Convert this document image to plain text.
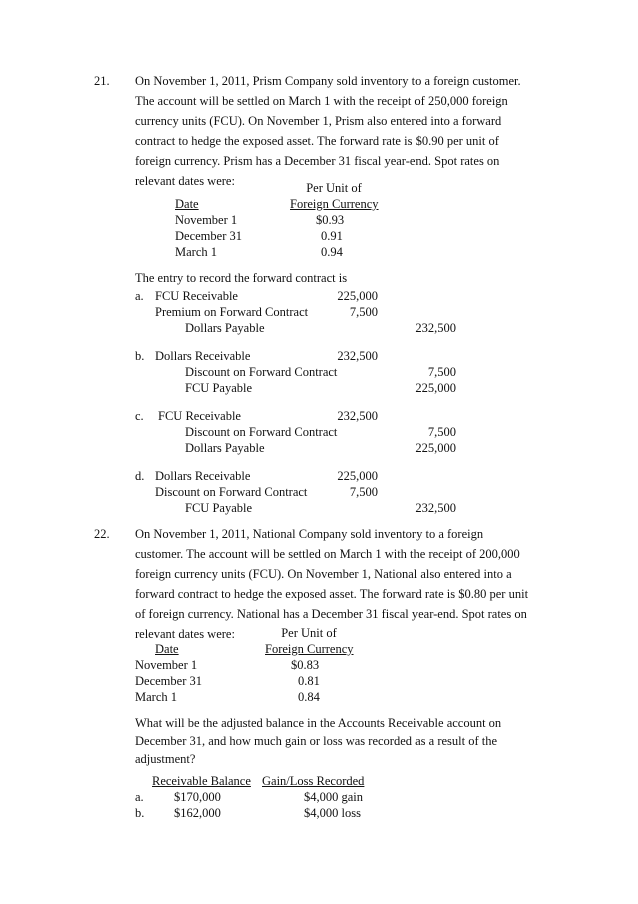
21. On November 1, 2011, Prism Company sold inventory to a foreign customer.
The account will be settled on March 1 with the receipt of 250,000 foreign
currency units (FCU). On November 1, Prism also entered into a forward
contract to hedge the exposed asset. The forward rate is $0.90 per unit of
foreign currency. Prism has a December 31 fiscal year-end. Spot rates on
relevant dates were:	Per Unit of
Date	Foreign Currency
November 1	$0.93
December 31	0.91
March 1	0.94
The entry to record the forward contract is
a. FCU Receivable	225,000
Premium on Forward Contract	7,500
Dollars Payable	232,500
b. Dollars Receivable	232,500
Discount on Forward Contract	7,500
FCU Payable	225,000
c. FCU Receivable	232,500
Discount on Forward Contract	7,500
Dollars Payable	225,000
d. Dollars Receivable	225,000
Discount on Forward Contract	7,500
FCU Payable	232,500
22. On November 1, 2011, National Company sold inventory to a foreign
customer. The account will be settled on March 1 with the receipt of 200,000
foreign currency units (FCU). On November 1, National also entered into a
forward contract to hedge the exposed asset. The forward rate is $0.80 per unit
of foreign currency. National has a December 31 fiscal year-end. Spot rates on
relevant dates were:	Per Unit of
Date	Foreign Currency
November 1	$0.83
December 31	0.81
March 1	0.84
What will be the adjusted balance in the Accounts Receivable account on
December 31, and how much gain or loss was recorded as a result of the
adjustment?
Receivable Balance Gain/Loss Recorded
a. $170,000	$4,000 gain
b. $162,000	$4,000 loss
